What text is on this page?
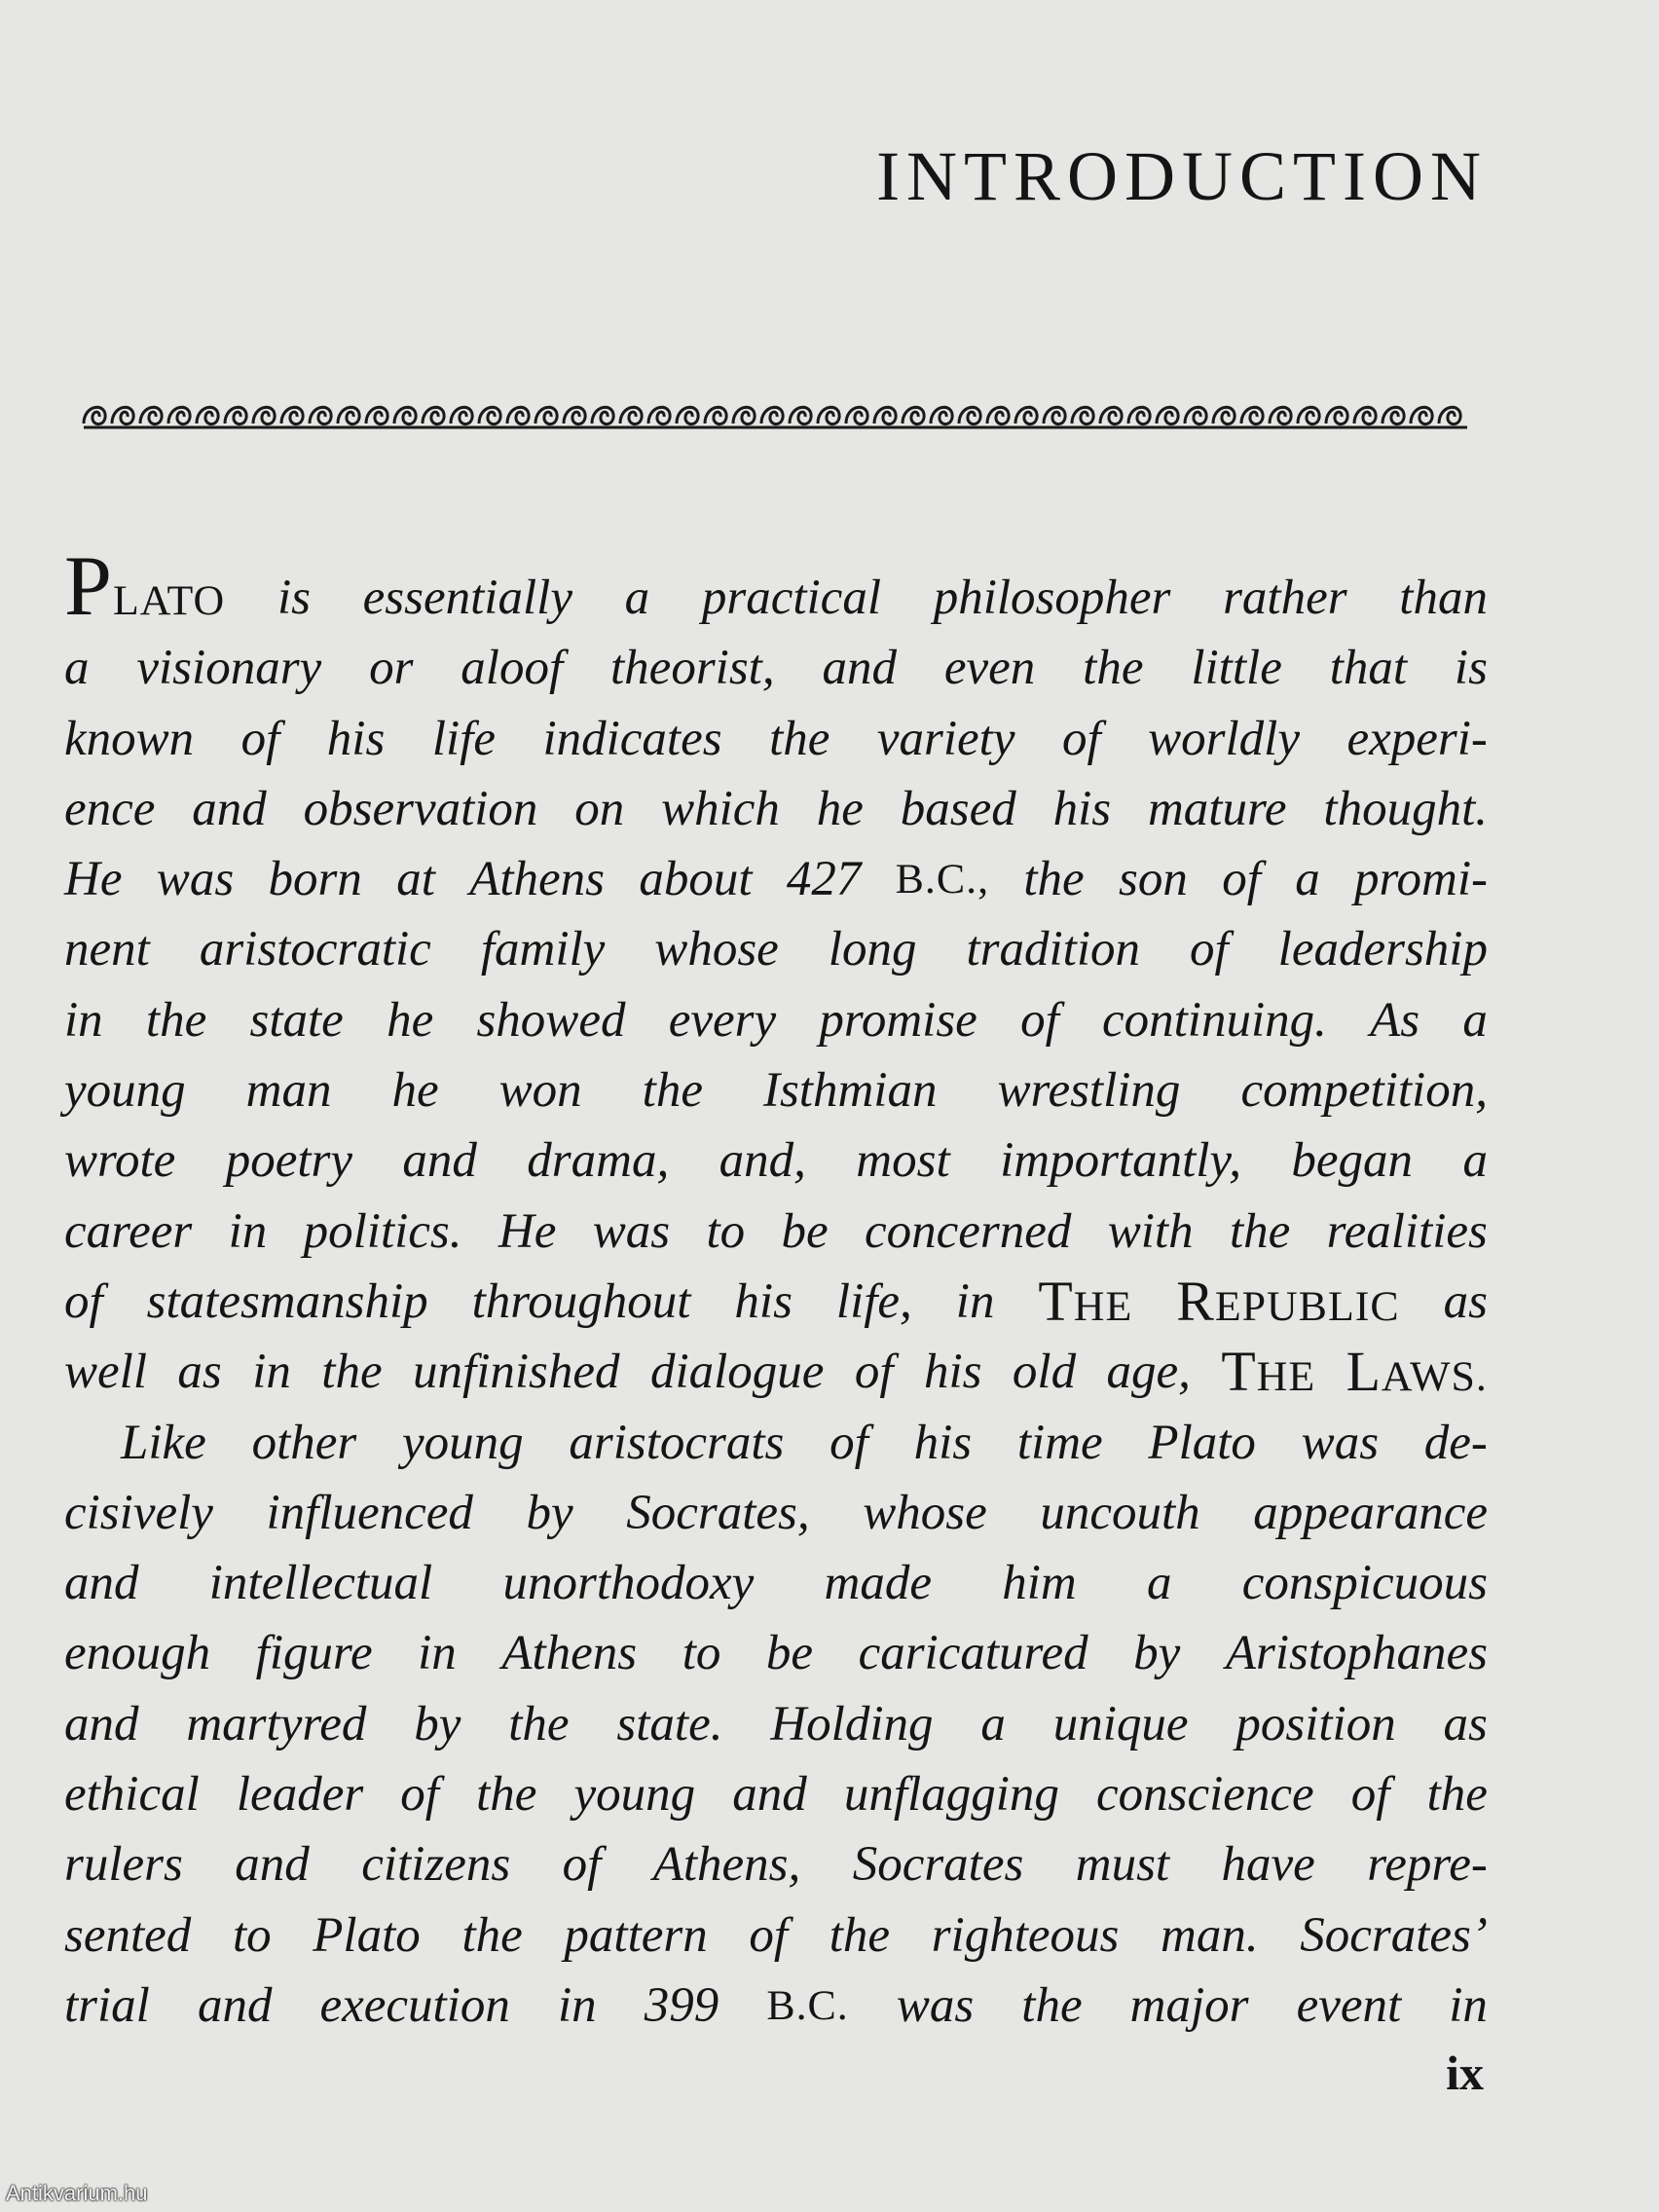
INTRODUCTION
PLATO is essentially a practical philosopher rather than
a visionary or aloof theorist, and even the little that is
known of his life indicates the variety of worldly experi-
ence and observation on which he based his mature thought.
He was born at Athens about 427 B.C., the son of a promi-
nent aristocratic family whose long tradition of leadership
in the state he showed every promise of continuing. As a
young man he won the Isthmian wrestling competition,
wrote poetry and drama, and, most importantly, began a
career in politics. He was to be concerned with the realities
of statesmanship throughout his life, in THE REPUBLIC as
well as in the unfinished dialogue of his old age, THE LAWS.
Like other young aristocrats of his time Plato was de-
cisively influenced by Socrates, whose uncouth appearance
and intellectual unorthodoxy made him a conspicuous
enough figure in Athens to be caricatured by Aristophanes
and martyred by the state. Holding a unique position as
ethical leader of the young and unflagging conscience of the
rulers and citizens of Athens, Socrates must have repre-
sented to Plato the pattern of the righteous man. Socrates’
trial and execution in 399 B.C. was the major event in
ix
Antikvarium.hu
